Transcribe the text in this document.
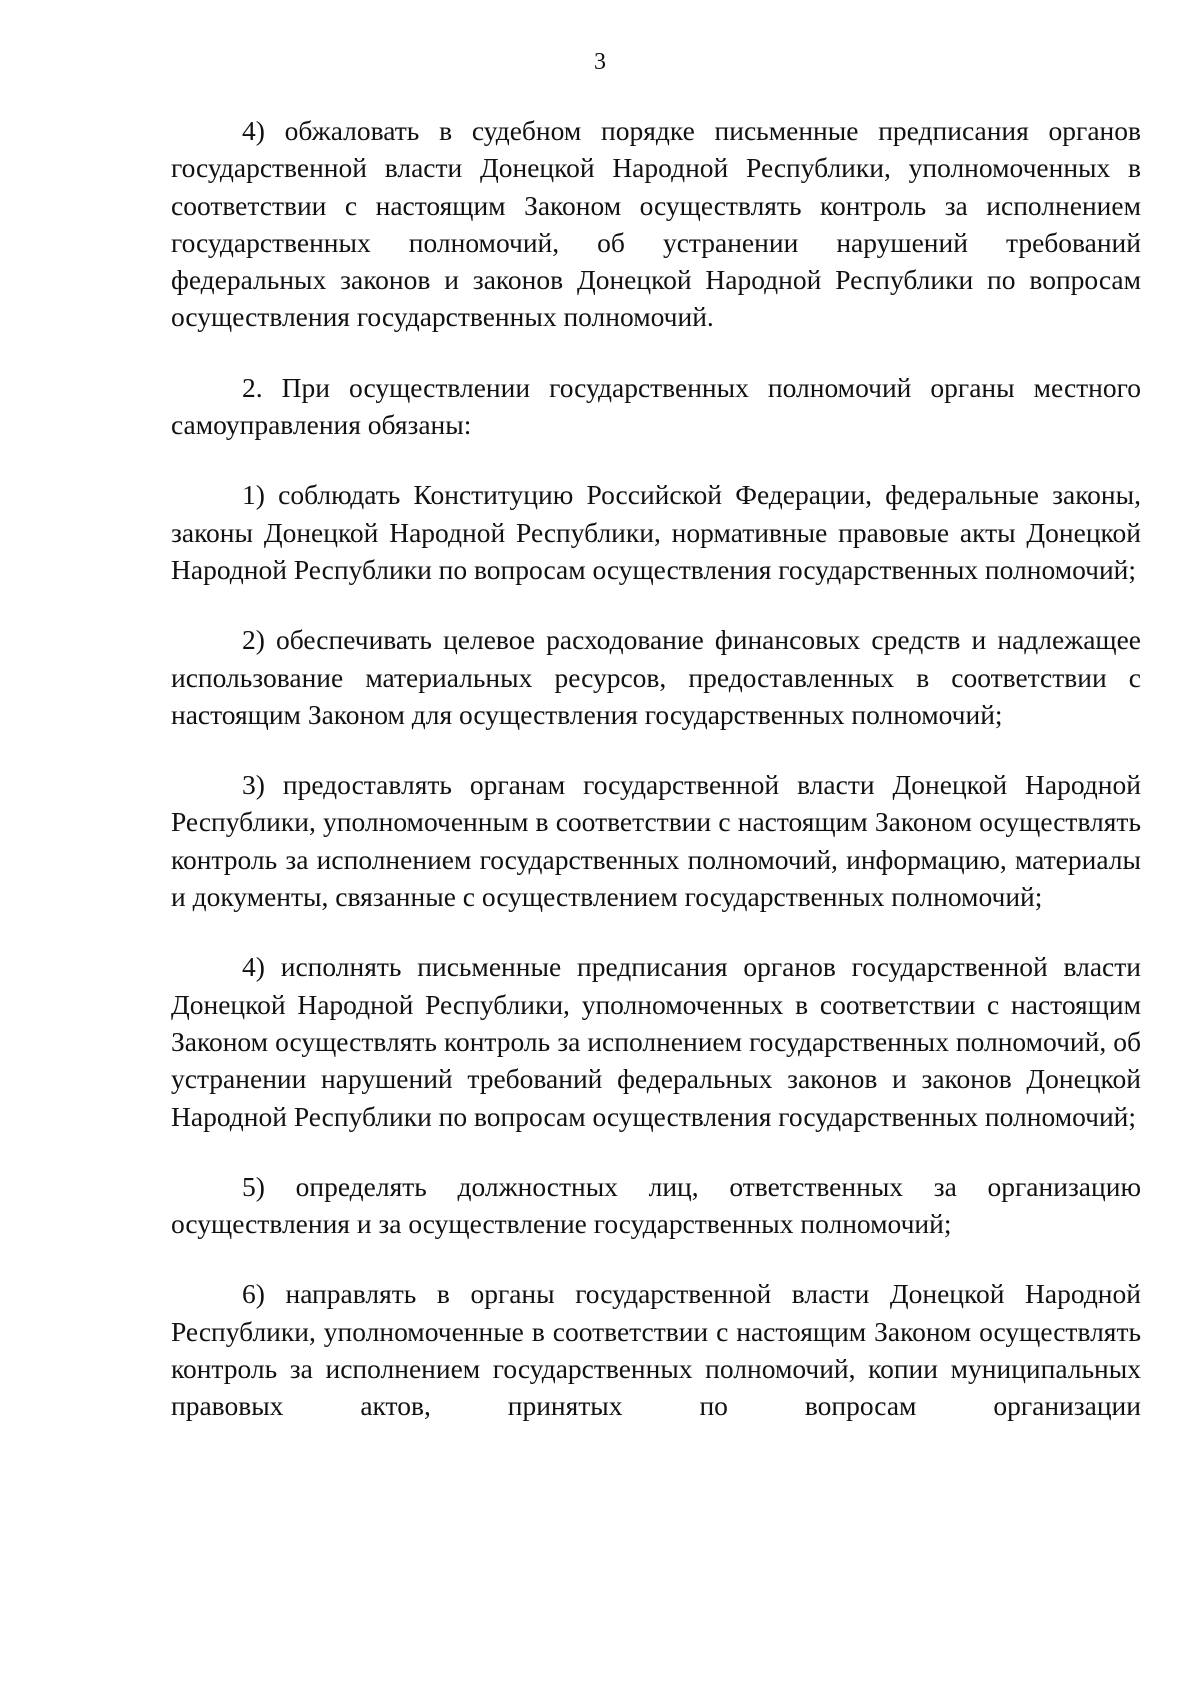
3

4) обжаловать в судебном порядке письменные предписания органов государственной власти Донецкой Народной Республики, уполномоченных в соответствии с настоящим Законом осуществлять контроль за исполнением государственных полномочий, об устранении нарушений требований федеральных законов и законов Донецкой Народной Республики по вопросам осуществления государственных полномочий.

2. При осуществлении государственных полномочий органы местного самоуправления обязаны:

1) соблюдать Конституцию Российской Федерации, федеральные законы, законы Донецкой Народной Республики, нормативные правовые акты Донецкой Народной Республики по вопросам осуществления государственных полномочий;

2) обеспечивать целевое расходование финансовых средств и надлежащее использование материальных ресурсов, предоставленных в соответствии с настоящим Законом для осуществления государственных полномочий;

3) предоставлять органам государственной власти Донецкой Народной Республики, уполномоченным в соответствии с настоящим Законом осуществлять контроль за исполнением государственных полномочий, информацию, материалы и документы, связанные с осуществлением государственных полномочий;

4) исполнять письменные предписания органов государственной власти Донецкой Народной Республики, уполномоченных в соответствии с настоящим Законом осуществлять контроль за исполнением государственных полномочий, об устранении нарушений требований федеральных законов и законов Донецкой Народной Республики по вопросам осуществления государственных полномочий;

5) определять должностных лиц, ответственных за организацию осуществления и за осуществление государственных полномочий;

6) направлять в органы государственной власти Донецкой Народной Республики, уполномоченные в соответствии с настоящим Законом осуществлять контроль за исполнением государственных полномочий, копии муниципальных правовых актов, принятых по вопросам организации
